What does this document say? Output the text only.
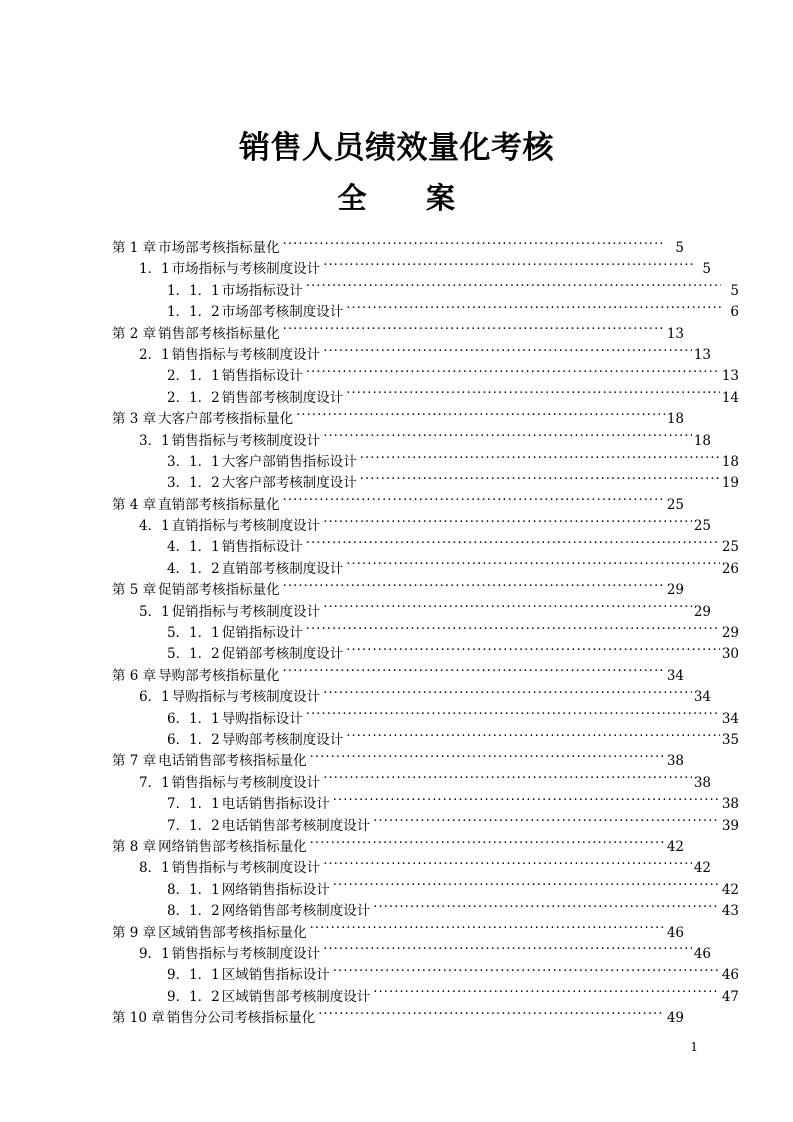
销售人员绩效量化考核
全　　案
第 1 章 市场部考核指标量化 .....	5
1．1 市场指标与考核制度设计 .....	5
1．1．1 市场指标设计 .....	5
1．1．2 市场部考核制度设计 .....	6
第 2 章 销售部考核指标量化 .....	13
2．1 销售指标与考核制度设计 .....	13
2．1．1 销售指标设计 .....	13
2．1．2 销售部考核制度设计 .....	14
第 3 章 大客户部考核指标量化 .....	18
3．1 销售指标与考核制度设计 .....	18
3．1．1 大客户部销售指标设计 .....	18
3．1．2 大客户部考核制度设计 .....	19
第 4 章 直销部考核指标量化 .....	25
4．1 直销指标与考核制度设计 .....	25
4．1．1 销售指标设计 .....	25
4．1．2 直销部考核制度设计 .....	26
第 5 章 促销部考核指标量化 .....	29
5．1 促销指标与考核制度设计 .....	29
5．1．1 促销指标设计 .....	29
5．1．2 促销部考核制度设计 .....	30
第 6 章 导购部考核指标量化 .....	34
6．1 导购指标与考核制度设计 .....	34
6．1．1 导购指标设计 .....	34
6．1．2 导购部考核制度设计 .....	35
第 7 章 电话销售部考核指标量化 .....	38
7．1 销售指标与考核制度设计 .....	38
7．1．1 电话销售指标设计 .....	38
7．1．2 电话销售部考核制度设计 .....	39
第 8 章 网络销售部考核指标量化 .....	42
8．1 销售指标与考核制度设计 .....	42
8．1．1 网络销售指标设计 .....	42
8．1．2 网络销售部考核制度设计 .....	43
第 9 章 区域销售部考核指标量化 .....	46
9．1 销售指标与考核制度设计 .....	46
9．1．1 区域销售指标设计 .....	46
9．1．2 区域销售部考核制度设计 .....	47
第 10 章 销售分公司考核指标量化 .....	49
1
